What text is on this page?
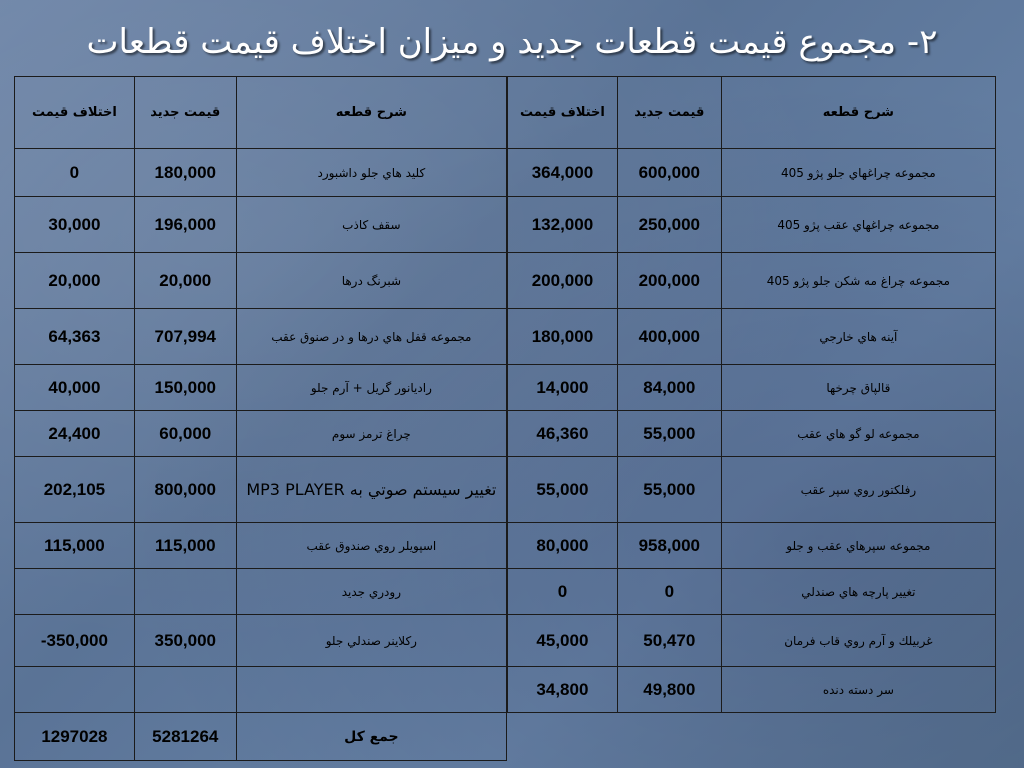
۲- مجموع قيمت قطعات جديد و ميزان اختلاف قيمت قطعات
اختلاف قيمت	قيمت جديد	شرح قطعه
0	180,000	كليد هاي جلو داشبورد
30,000	196,000	سقف كاذب
20,000	20,000	شبرنگ درها
64,363	707,994	مجموعه قفل هاي درها و در صنوق عقب
40,000	150,000	راديانور گريل + آرم جلو
24,400	60,000	چراغ ترمز سوم
202,105	800,000	تغيير سيستم صوتي به MP3 PLAYER
115,000	115,000	اسپويلر روي صندوق عقب
		رودري جديد
-350,000	350,000	ركلاينر صندلي جلو

1297028	5281264	جمع كل
اختلاف قيمت	قيمت جديد	شرح قطعه
364,000	600,000	مجموعه چراغهاي جلو پژو 405
132,000	250,000	مجموعه چراغهاي عقب پژو 405
200,000	200,000	مجموعه چراغ مه شكن جلو پژو 405
180,000	400,000	آينه هاي خارجي
14,000	84,000	قالپاق چرخها
46,360	55,000	مجموعه لو گو هاي عقب
55,000	55,000	رفلكتور روي سپر عقب
80,000	958,000	مجموعه سپرهاي عقب و جلو
0	0	تغيير پارچه هاي صندلي
45,000	50,470	غربيلك و آرم روي قاب فرمان
34,800	49,800	سر دسته دنده
